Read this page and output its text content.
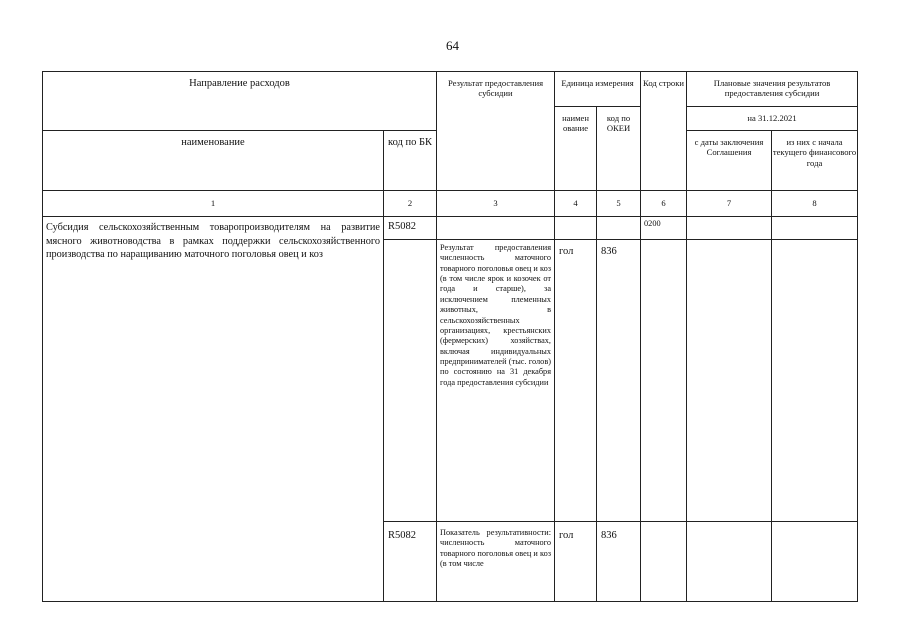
64
Направление расходов		Результат предоставления субсидии	Единица измерения		Код строки	Плановые значения результатов предоставления субсидии	
			наимен ование	код по ОКЕИ		на 31.12.2021	
наименование	код по БК					с даты заключения Соглашения	из них с начала текущего финансового года
1	2	3	4	5	6	7	8
Субсидия сельскохозяйственным товаропроизводителям на развитие мясного животноводства в рамках поддержки сельскохозяйственного производства по наращиванию маточного поголовья овец и коз	R5082				0200		
		Результат предоставления численность маточного товарного поголовья овец и коз (в том числе ярок и козочек от года и старше), за исключением племенных животных, в сельскохозяйственных организациях, крестьянских (фермерских) хозяйствах, включая индивидуальных предпринимателей (тыс. голов) по состоянию на 31 декабря года предоставления субсидии	гол	836			
	R5082	Показатель результативности: численность маточного товарного поголовья овец и коз (в том числе	гол	836			
